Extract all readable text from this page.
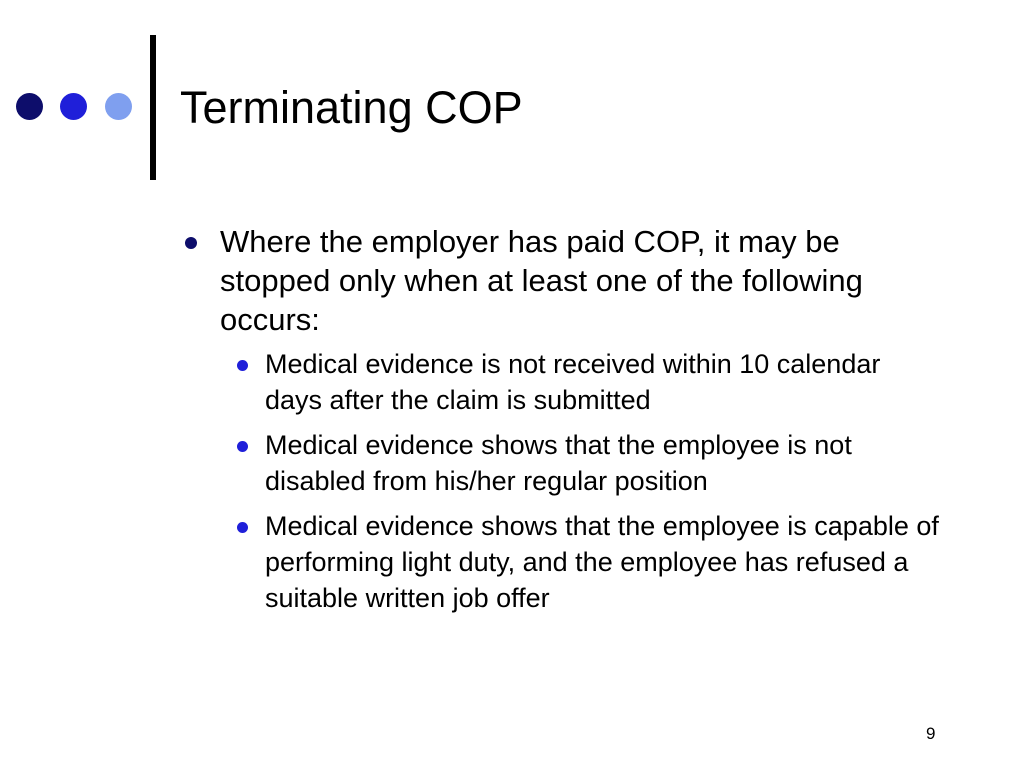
Terminating COP
Where the employer has paid COP, it may be stopped only when at least one of the following occurs:
Medical evidence is not received within 10 calendar days after the claim is submitted
Medical evidence shows that the employee is not disabled from his/her regular position
Medical evidence shows that the employee is capable of performing light duty, and the employee has refused a suitable written job offer
9
